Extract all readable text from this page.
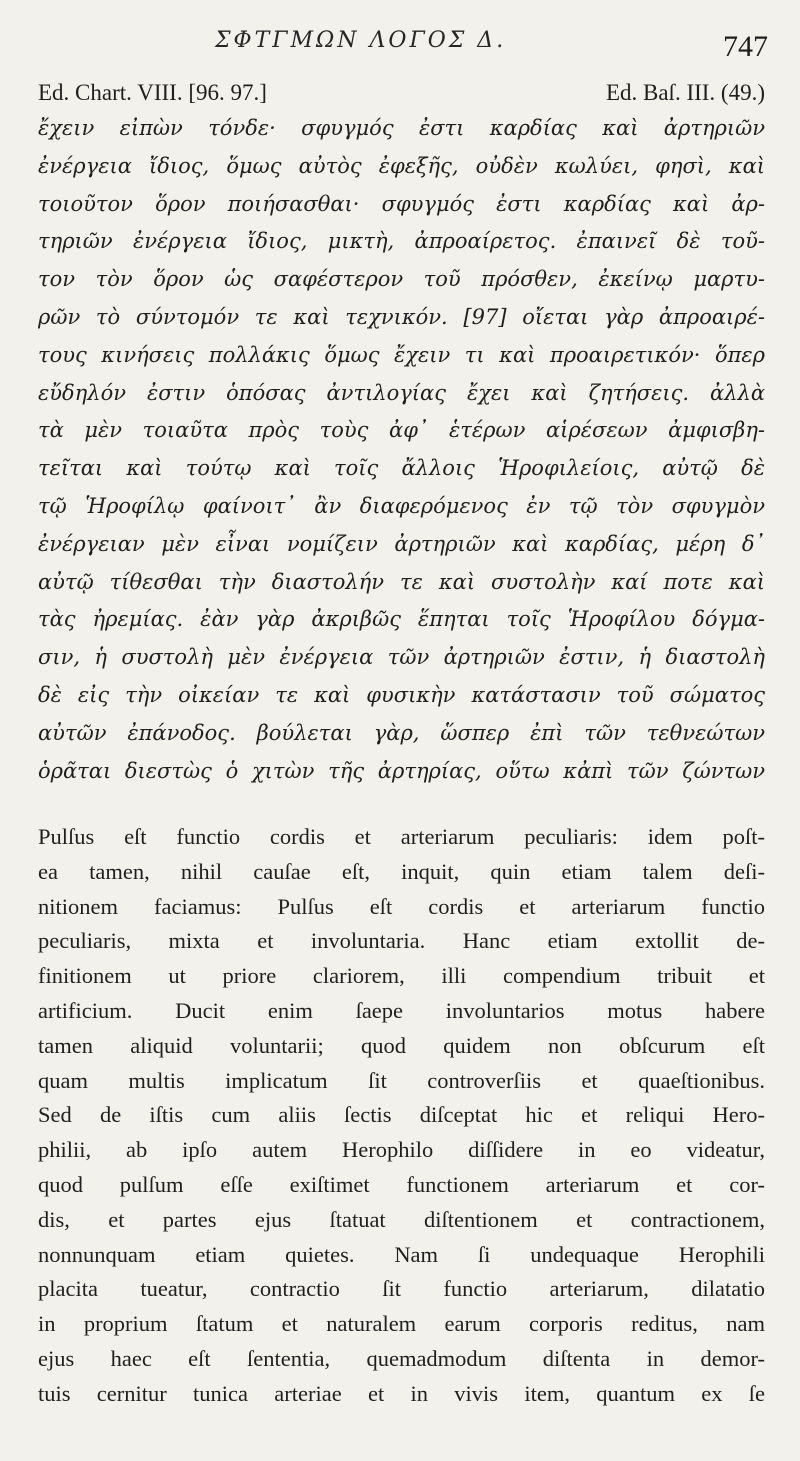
ΣΦΤΓΜΩΝ ΛΟΓΟΣ Δ.	747
Ed. Chart. VIII. [96. 97.]	Ed. Baſ. III. (49.)
ἔχειν εἰπὼν τόνδε· σφυγμός ἐστι καρδίας καὶ ἀρτηριῶν
ἐνέργεια ἴδιος, ὅμως αὐτὸς ἐφεξῆς, οὐδὲν κωλύει, φησὶ, καὶ
τοιοῦτον ὅρον ποιήσασθαι· σφυγμός ἐστι καρδίας καὶ ἀρ-
τηριῶν ἐνέργεια ἴδιος, μικτὴ, ἀπροαίρετος. ἐπαινεῖ δὲ τοῦ-
τον τὸν ὅρον ὡς σαφέστερον τοῦ πρόσθεν, ἐκείνῳ μαρτυ-
ρῶν τὸ σύντομόν τε καὶ τεχνικόν. [97] οἴεται γὰρ ἀπροαιρέ-
τους κινήσεις πολλάκις ὅμως ἔχειν τι καὶ προαιρετικόν· ὅπερ
εὔδηλόν ἐστιν ὁπόσας ἀντιλογίας ἔχει καὶ ζητήσεις. ἀλλὰ
τὰ μὲν τοιαῦτα πρὸς τοὺς ἀφ᾽ ἑτέρων αἱρέσεων ἀμφισβη-
τεῖται καὶ τούτῳ καὶ τοῖς ἄλλοις Ἡροφιλείοις, αὐτῷ δὲ
τῷ Ἡροφίλῳ φαίνοιτ᾽ ἂν διαφερόμενος ἐν τῷ τὸν σφυγμὸν
ἐνέργειαν μὲν εἶναι νομίζειν ἀρτηριῶν καὶ καρδίας, μέρη δ᾽
αὐτῷ τίθεσθαι τὴν διαστολήν τε καὶ συστολὴν καί ποτε καὶ
τὰς ἠρεμίας. ἐὰν γὰρ ἀκριβῶς ἕπηται τοῖς Ἡροφίλου δόγμα-
σιν, ἡ συστολὴ μὲν ἐνέργεια τῶν ἀρτηριῶν ἐστιν, ἡ διαστολὴ
δὲ εἰς τὴν οἰκείαν τε καὶ φυσικὴν κατάστασιν τοῦ σώματος
αὐτῶν ἐπάνοδος. βούλεται γὰρ, ὥσπερ ἐπὶ τῶν τεθνεώτων
ὁρᾶται διεστὼς ὁ χιτὼν τῆς ἀρτηρίας, οὕτω κἀπὶ τῶν ζώντων
Pulſus eſt functio cordis et arteriarum peculiaris: idem poſt-
ea tamen, nihil cauſae eſt, inquit, quin etiam talem deſi-
nitionem faciamus: Pulſus eſt cordis et arteriarum functio
peculiaris, mixta et involuntaria. Hanc etiam extollit de-
finitionem ut priore clariorem, illi compendium tribuit et
artificium. Ducit enim ſaepe involuntarios motus habere
tamen aliquid voluntarii; quod quidem non obſcurum eſt
quam multis implicatum ſit controverſiis et quaeſtionibus.
Sed de iſtis cum aliis ſectis diſceptat hic et reliqui Hero-
philii, ab ipſo autem Herophilo diſſidere in eo videatur,
quod pulſum eſſe exiſtimet functionem arteriarum et cor-
dis, et partes ejus ſtatuat diſtentionem et contractionem,
nonnunquam etiam quietes. Nam ſi undequaque Herophili
placita tueatur, contractio ſit functio arteriarum, dilatatio
in proprium ſtatum et naturalem earum corporis reditus, nam
ejus haec eſt ſententia, quemadmodum diſtenta in demor-
tuis cernitur tunica arteriae et in vivis item, quantum ex ſe
